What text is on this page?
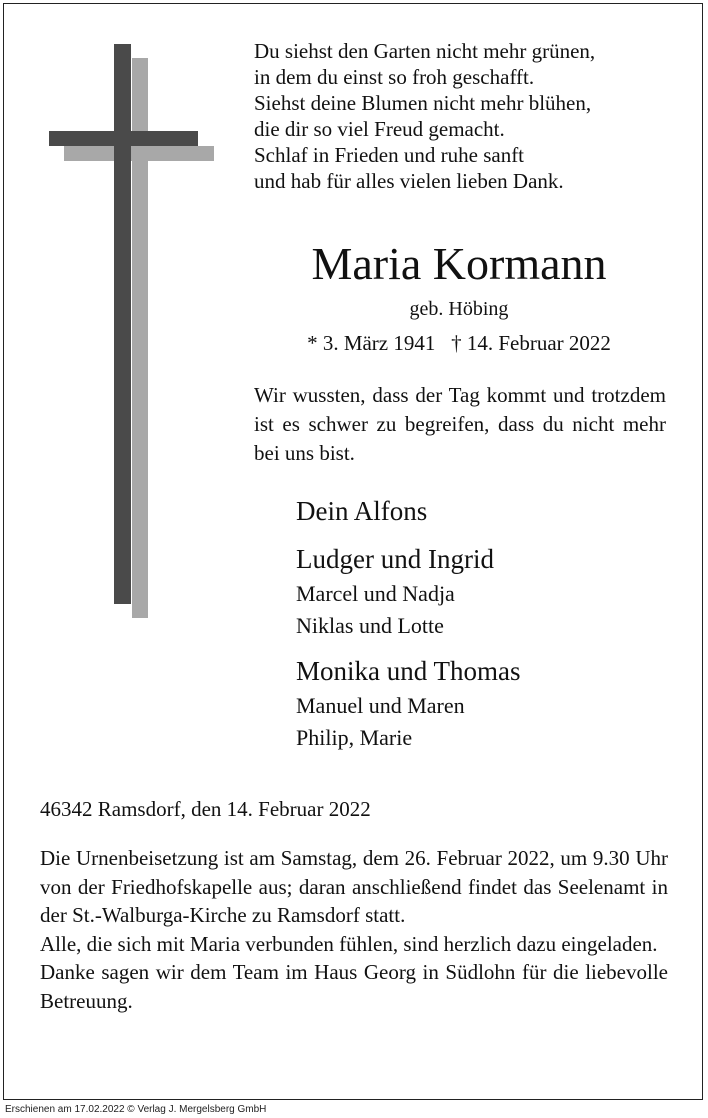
Du siehst den Garten nicht mehr grünen,
in dem du einst so froh geschafft.
Siehst deine Blumen nicht mehr blühen,
die dir so viel Freud gemacht.
Schlaf in Frieden und ruhe sanft
und hab für alles vielen lieben Dank.
Maria Kormann
geb. Höbing
* 3. März 1941   † 14. Februar 2022
Wir wussten, dass der Tag kommt und trotzdem ist es schwer zu begreifen, dass du nicht mehr bei uns bist.
Dein Alfons
Ludger und Ingrid
Marcel und Nadja
Niklas und Lotte
Monika und Thomas
Manuel und Maren
Philip, Marie
46342 Ramsdorf, den 14. Februar 2022

Die Urnenbeisetzung ist am Samstag, dem 26. Februar 2022, um 9.30 Uhr von der Friedhofskapelle aus; daran anschließend findet das Seelenamt in der St.-Walburga-Kirche zu Ramsdorf statt.

Alle, die sich mit Maria verbunden fühlen, sind herzlich dazu eingeladen.

Danke sagen wir dem Team im Haus Georg in Südlohn für die liebevolle Betreuung.

Erschienen am 17.02.2022 © Verlag J. Mergelsberg GmbH
